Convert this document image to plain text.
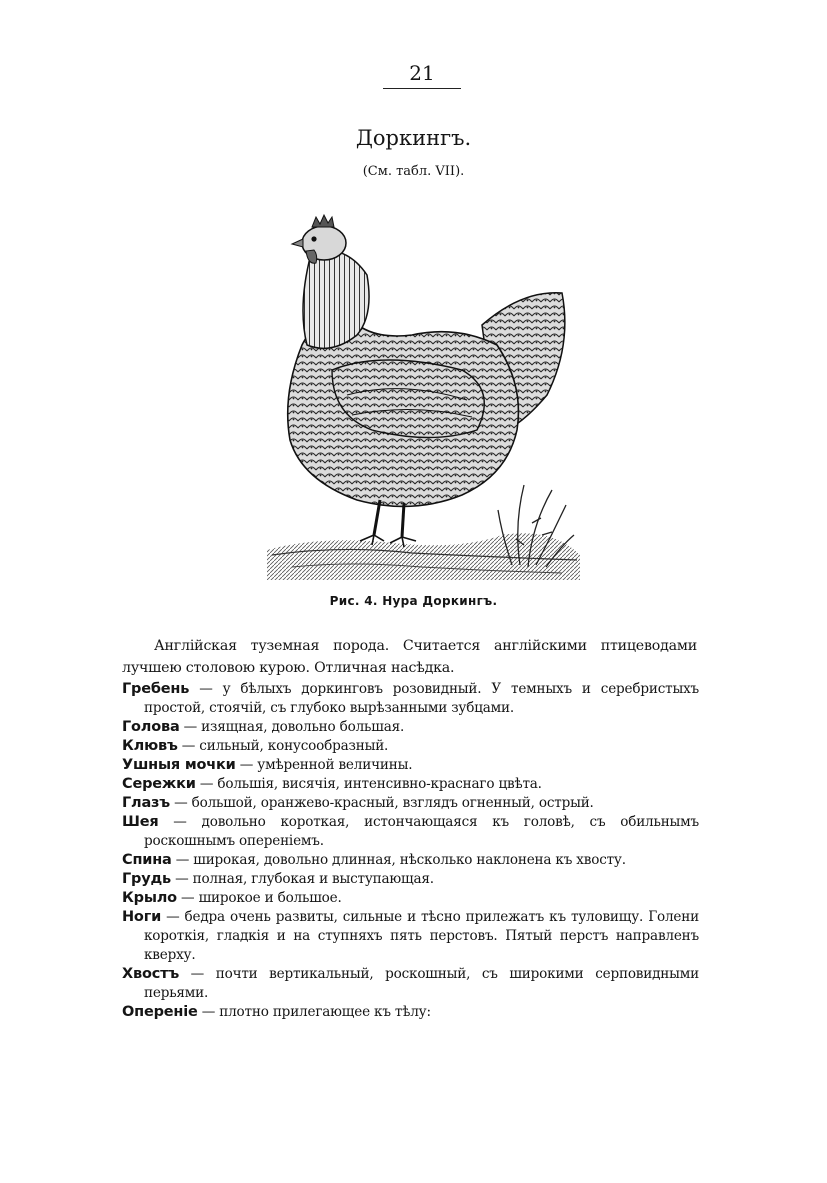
21
Доркингъ.
(См. табл. VII).
Рис. 4. Нура Доркингъ.

Англійская туземная порода. Считается англійскими птицеводами лучшею столовою курою. Отличная насѣдка.

Гребень — у бѣлыхъ доркинговъ розовидный. У темныхъ и серебристыхъ простой, стоячій, съ глубоко вырѣзанными зубцами.

Голова — изящная, довольно большая.

Клювъ — сильный, конусообразный.

Ушныя мочки — умѣренной величины.

Сережки — большія, висячія, интенсивно-краснаго цвѣта.

Глазъ — большой, оранжево-красный, взглядъ огненный, острый.

Шея — довольно короткая, истончающаяся къ головѣ, съ обильнымъ роскошнымъ опереніемъ.

Спина — широкая, довольно длинная, нѣсколько наклонена къ хвосту.

Грудь — полная, глубокая и выступающая.

Крыло — широкое и большое.

Ноги — бедра очень развиты, сильные и тѣсно прилежатъ къ туловищу. Голени короткія, гладкія и на ступняхъ пять перстовъ. Пятый перстъ направленъ кверху.

Хвостъ — почти вертикальный, роскошный, съ широкими серповидными перьями.

Опереніе — плотно прилегающее къ тѣлу:
